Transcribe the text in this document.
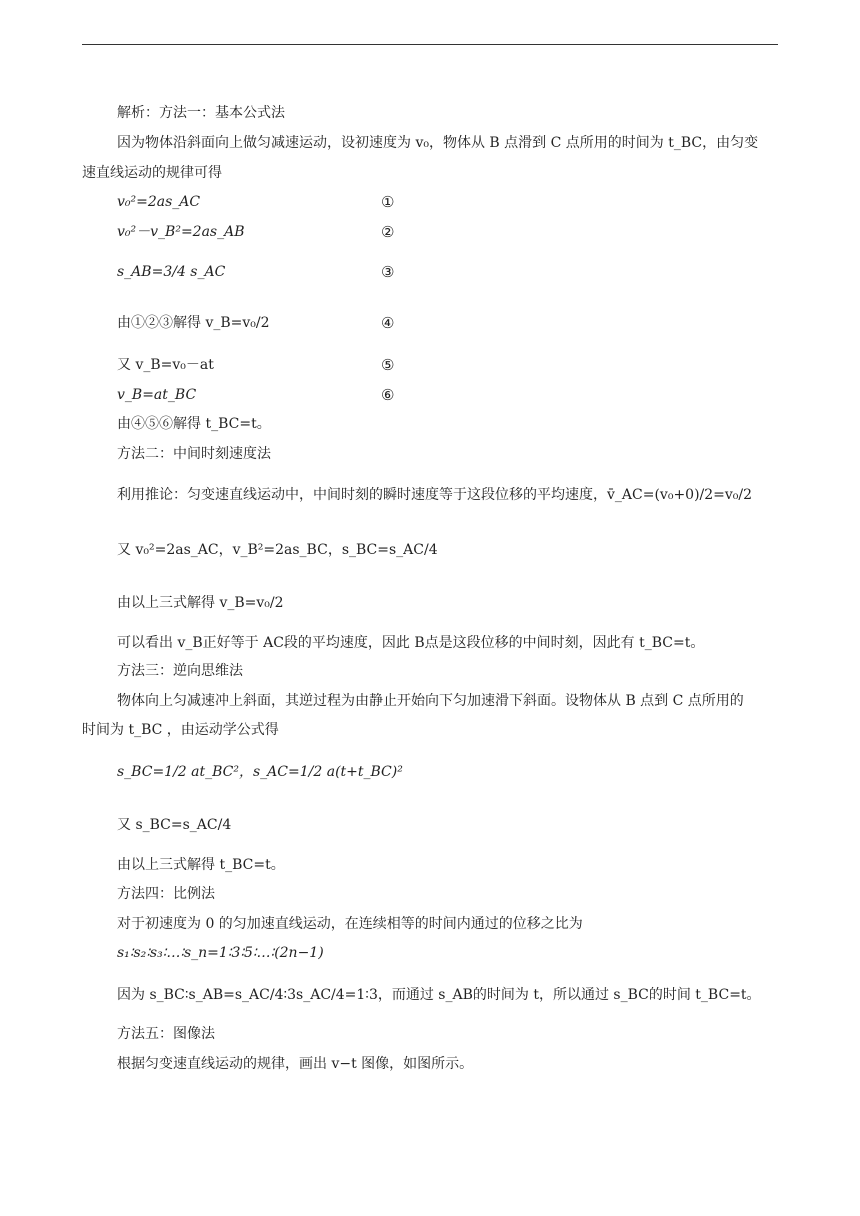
解析：方法一：基本公式法
因为物体沿斜面向上做匀减速运动，设初速度为 v₀，物体从 B 点滑到 C 点所用的时间为 t_BC，由匀变
速直线运动的规律可得
v₀²=2as_AC	①
v₀²－v_B²=2as_AB	②
s_AB=3/4 s_AC	③
由①②③解得 v_B=v₀/2	④
又 v_B=v₀－at	⑤
v_B=at_BC	⑥
由④⑤⑥解得 t_BC=t。
方法二：中间时刻速度法
利用推论：匀变速直线运动中，中间时刻的瞬时速度等于这段位移的平均速度，v̄_AC=(v₀+0)/2=v₀/2
又 v₀²=2as_AC，v_B²=2as_BC，s_BC=s_AC/4
由以上三式解得 v_B=v₀/2
可以看出 v_B正好等于 AC段的平均速度，因此 B点是这段位移的中间时刻，因此有 t_BC=t。
方法三：逆向思维法
物体向上匀减速冲上斜面，其逆过程为由静止开始向下匀加速滑下斜面。设物体从 B 点到 C 点所用的
时间为 t_BC ，由运动学公式得
s_BC=1/2 at_BC²，s_AC=1/2 a(t+t_BC)²
又 s_BC=s_AC/4
由以上三式解得 t_BC=t。
方法四：比例法
对于初速度为 0 的匀加速直线运动，在连续相等的时间内通过的位移之比为
s₁∶s₂∶s₃∶…∶s_n=1∶3∶5∶…∶(2n−1)
因为 s_BC∶s_AB=s_AC/4∶3s_AC/4=1∶3，而通过 s_AB的时间为 t，所以通过 s_BC的时间 t_BC=t。
方法五：图像法
根据匀变速直线运动的规律，画出 v−t 图像，如图所示。
